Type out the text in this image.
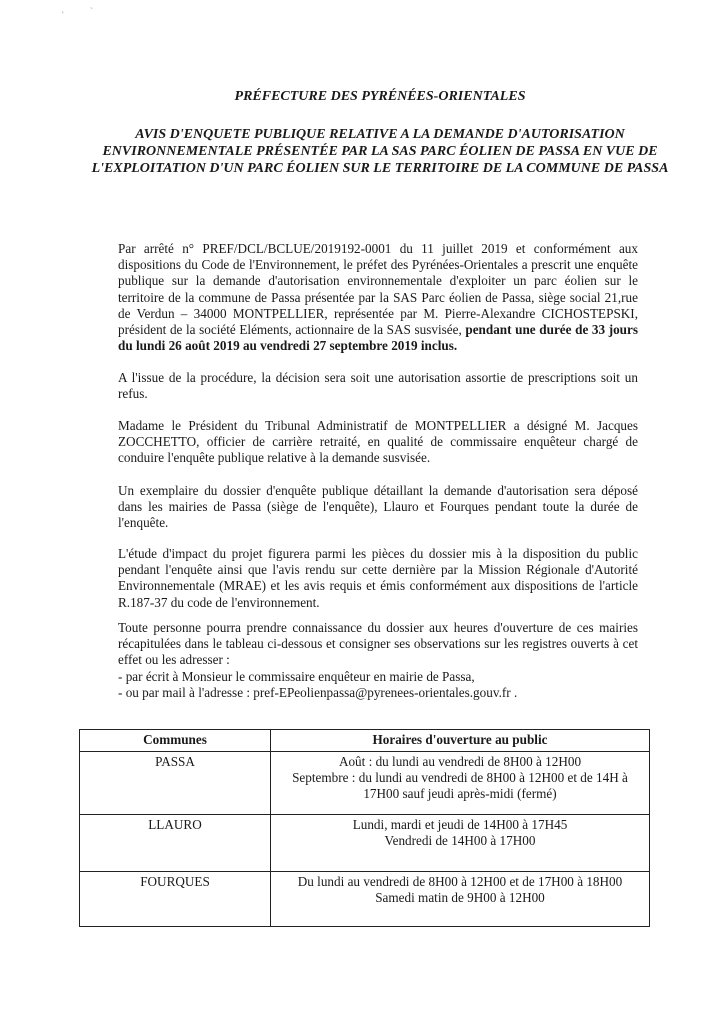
'	`
PRÉFECTURE DES PYRÉNÉES-ORIENTALES
AVIS D'ENQUETE PUBLIQUE RELATIVE A LA DEMANDE D'AUTORISATION ENVIRONNEMENTALE PRÉSENTÉE PAR LA SAS PARC ÉOLIEN DE PASSA EN VUE DE L'EXPLOITATION D'UN PARC ÉOLIEN SUR LE TERRITOIRE DE LA COMMUNE DE PASSA
Par arrêté n° PREF/DCL/BCLUE/2019192-0001 du 11 juillet 2019 et conformément aux dispositions du Code de l'Environnement, le préfet des Pyrénées-Orientales a prescrit une enquête publique sur la demande d'autorisation environnementale d'exploiter un parc éolien sur le territoire de la commune de Passa présentée par la SAS Parc éolien de Passa, siège social 21,rue de Verdun – 34000 MONTPELLIER, représentée par M. Pierre-Alexandre CICHOSTEPSKI, président de la société Eléments, actionnaire de la SAS susvisée, pendant une durée de 33 jours du lundi 26 août 2019 au vendredi 27 septembre 2019 inclus.
A l'issue de la procédure, la décision sera soit une autorisation assortie de prescriptions soit un refus.
Madame le Président du Tribunal Administratif de MONTPELLIER a désigné M. Jacques ZOCCHETTO, officier de carrière retraité, en qualité de commissaire enquêteur chargé de conduire l'enquête publique relative à la demande susvisée.
Un exemplaire du dossier d'enquête publique détaillant la demande d'autorisation sera déposé dans les mairies de Passa (siège de l'enquête), Llauro et Fourques pendant toute la durée de l'enquête.
L'étude d'impact du projet figurera parmi les pièces du dossier mis à la disposition du public pendant l'enquête ainsi que l'avis rendu sur cette dernière par la Mission Régionale d'Autorité Environnementale (MRAE) et les avis requis et émis conformément aux dispositions de l'article R.187-37 du code de l'environnement.
Toute personne pourra prendre connaissance du dossier aux heures d'ouverture de ces mairies récapitulées dans le tableau ci-dessous et consigner ses observations sur les registres ouverts à cet effet ou les adresser :
- par écrit à Monsieur le commissaire enquêteur en mairie de Passa,
- ou par mail à l'adresse : pref-EPeolienpassa@pyrenees-orientales.gouv.fr .
Communes	Horaires d'ouverture au public
PASSA	Août : du lundi au vendredi de 8H00 à 12H00
Septembre : du lundi au vendredi de 8H00 à 12H00 et de 14H à 17H00 sauf jeudi après-midi (fermé)

LLAURO	Lundi, mardi et jeudi de 14H00 à 17H45
Vendredi de 14H00 à 17H00

FOURQUES	Du lundi au vendredi de 8H00 à 12H00 et de 17H00 à 18H00
Samedi matin de 9H00 à 12H00
